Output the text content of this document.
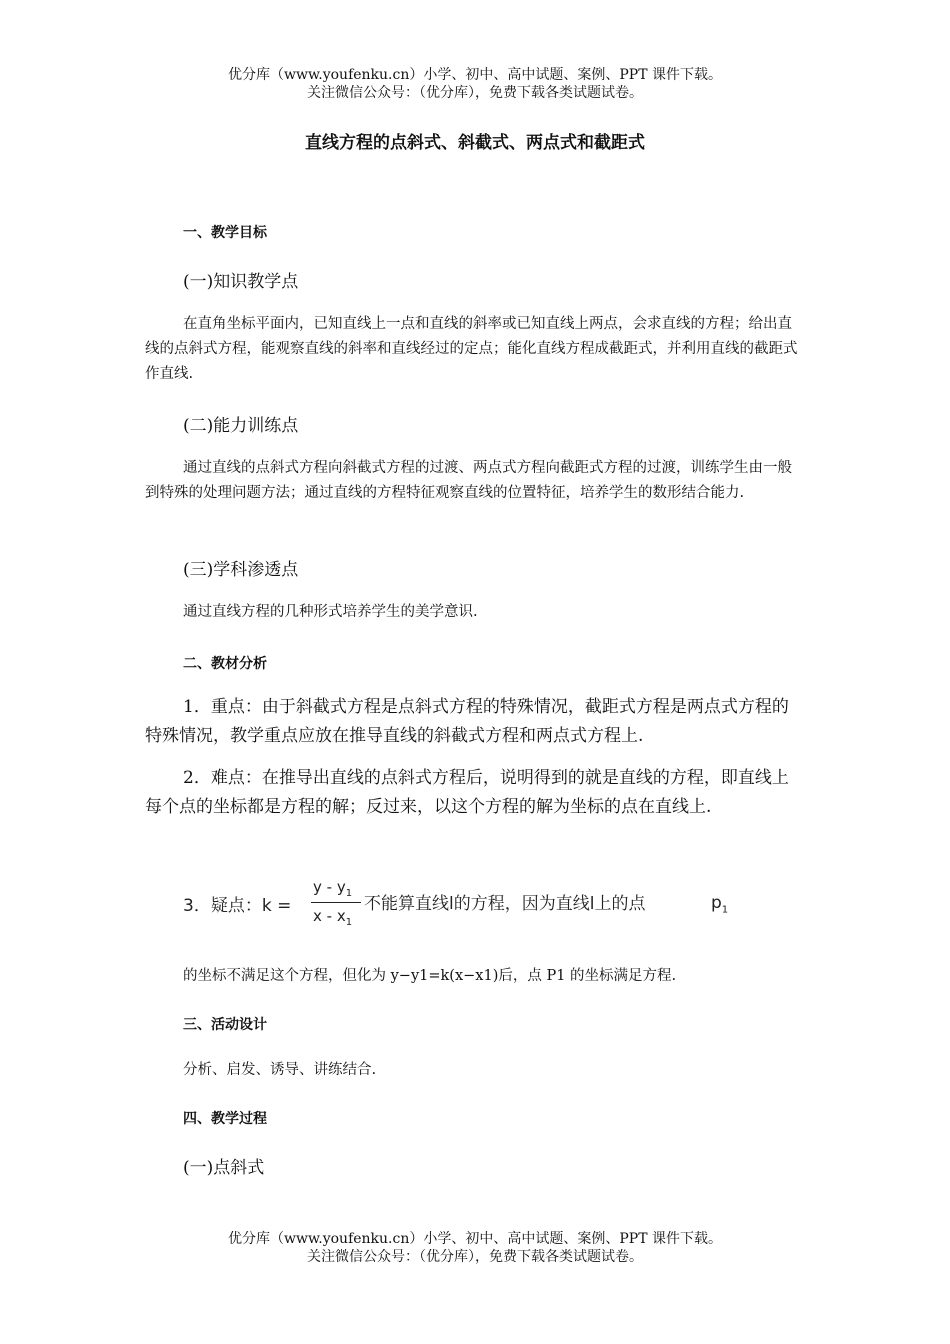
优分库（www.youfenku.cn）小学、初中、高中试题、案例、PPT 课件下载。
关注微信公众号：（优分库），免费下载各类试题试卷。
直线方程的点斜式、斜截式、两点式和截距式
一、教学目标
(一)知识教学点
在直角坐标平面内，已知直线上一点和直线的斜率或已知直线上两点，会求直线的方程；给出直线的点斜式方程，能观察直线的斜率和直线经过的定点；能化直线方程成截距式，并利用直线的截距式作直线.
(二)能力训练点
通过直线的点斜式方程向斜截式方程的过渡、两点式方程向截距式方程的过渡，训练学生由一般到特殊的处理问题方法；通过直线的方程特征观察直线的位置特征，培养学生的数形结合能力.
(三)学科渗透点
通过直线方程的几种形式培养学生的美学意识.
二、教材分析
1．重点：由于斜截式方程是点斜式方程的特殊情况，截距式方程是两点式方程的特殊情况，教学重点应放在推导直线的斜截式方程和两点式方程上.
2．难点：在推导出直线的点斜式方程后，说明得到的就是直线的方程，即直线上每个点的坐标都是方程的解；反过来，以这个方程的解为坐标的点在直线上.
3．疑点：k =
y - $y_1$
x - $x_1$
不能算直线l的方程，因为直线l上的点	$p_1$
的坐标不满足这个方程，但化为 y−y1=k(x−x1)后，点 P1 的坐标满足方程.
三、活动设计
分析、启发、诱导、讲练结合.
四、教学过程
(一)点斜式
优分库（www.youfenku.cn）小学、初中、高中试题、案例、PPT 课件下载。
关注微信公众号：（优分库），免费下载各类试题试卷。
